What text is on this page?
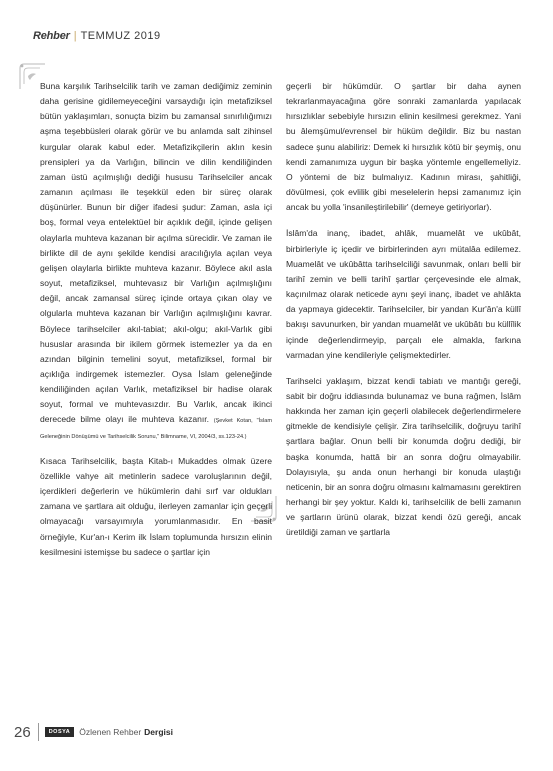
Rehber | TEMMUZ 2019

Buna karşılık Tarihselcilik tarih ve zaman dediğimiz zeminin daha gerisine gidilemeyeceğini varsaydığı için metafiziksel bütün yaklaşımları, sonuçta bizim bu zamansal sınırlılığımızı aşma teşebbüsleri olarak görür ve bu anlamda salt zihinsel kurgular olarak kabul eder. Metafizikçilerin aklın kesin prensipleri ya da Varlığın, bilincin ve dilin kendiliğinden zaman üstü açılmışlığı dediği hususu Tarihselciler ancak zamanın açılması ile teşekkül eden bir süreç olarak düşünürler. Bunun bir diğer ifadesi şudur: Zaman, asla içi boş, formal veya entelektüel bir açıklık değil, içinde gelişen olaylarla muhteva kazanan bir açılma sürecidir. Ve zaman ile birlikte dil de aynı şekilde kendisi aracılığıyla açılan veya gelişen olaylarla birlikte muhteva kazanır. Böylece akıl asla soyut, metafiziksel, muhtevasız bir Varlığın açılmışlığını değil, ancak zamansal süreç içinde ortaya çıkan olay ve olgularla muhteva kazanan bir Varlığın açılmışlığını kavrar. Böylece tarihselciler akıl-tabiat; akıl-olgu; akıl-Varlık gibi hususlar arasında bir ikilem görmek istemezler ya da en azından bilginin temelini soyut, metafiziksel, formal bir açıklığa indirgemek istemezler. Oysa İslam geleneğinde kendiliğinden açılan Varlık, metafiziksel bir hadise olarak soyut, formal ve muhtevasızdır. Bu Varlık, ancak ikinci derecede bilme olayı ile muhteva kazanır. (Şevket Kotan, "İslam Geleneğinin Dönüşümü ve Tarihselcilik Sorunu," Bilimname, VI, 2004/3, ss.123-24.)

Kısaca Tarihselcilik, başta Kitab-ı Mukaddes olmak üzere özellikle vahye ait metinlerin sadece varoluşlarının değil, içerdikleri değerlerin ve hükümlerin dahi sırf var oldukları zamana ve şartlara ait olduğu, ilerleyen zamanlar için geçerli olmayacağı varsayımıyla yorumlanmasıdır. En basit örneğiyle, Kur'an-ı Kerim ilk İslam toplumunda hırsızın elinin kesilmesini istemişse bu sadece o şartlar için

geçerli bir hükümdür. O şartlar bir daha aynen tekrarlanmayacağına göre sonraki zamanlarda yapılacak hırsızlıklar sebebiyle hırsızın elinin kesilmesi gerekmez. Yani bu âlemşümul/evrensel bir hüküm değildir. Biz bu nastan sadece şunu alabiliriz: Demek ki hırsızlık kötü bir şeymiş, onu kendi zamanımıza uygun bir başka yöntemle engellemeliyiz. O yöntemi de biz bulmalıyız. Kadının mirası, şahitliği, dövülmesi, çok evlilik gibi meselelerin hepsi zamanımız için ancak bu yolla 'insanileştirilebilir' (demeye getiriyorlar).

İslâm'da inanç, ibadet, ahlâk, muamelât ve ukûbât, birbirleriyle iç içedir ve birbirlerinden ayrı mütalâa edilemez. Muamelât ve ukûbâtta tarihselciliği savunmak, onları belli bir tarihî zemin ve belli tarihî şartlar çerçevesinde ele almak, kaçınılmaz olarak neticede aynı şeyi inanç, ibadet ve ahlâkta da yapmaya gidecektir. Tarihselciler, bir yandan Kur'ân'a küllî bakışı savunurken, bir yandan muamelât ve ukûbâtı bu küllîlik içinde değerlendirmeyip, parçalı ele almakla, farkına varmadan yine kendileriyle çelişmektedirler.

Tarihselci yaklaşım, bizzat kendi tabiatı ve mantığı gereği, sabit bir doğru iddiasında bulunamaz ve buna rağmen, İslâm hakkında her zaman için geçerli olabilecek değerlendirmelere gitmekle de kendisiyle çelişir. Zira tarihselcilik, doğruyu tarihî şartlara bağlar. Onun belli bir konumda doğru dediği, bir başka konumda, hattâ bir an sonra doğru olmayabilir. Dolayısıyla, şu anda onun herhangi bir konuda ulaştığı neticenin, bir an sonra doğru olmasını kalmamasını gerektiren herhangi bir şey yoktur. Kaldı ki, tarihselcilik de belli zamanın ve şartların ürünü olarak, bizzat kendi özü gereği, ancak üretildiği zaman ve şartlarla

26	DOSYA	Özlenen Rehber Dergisi
